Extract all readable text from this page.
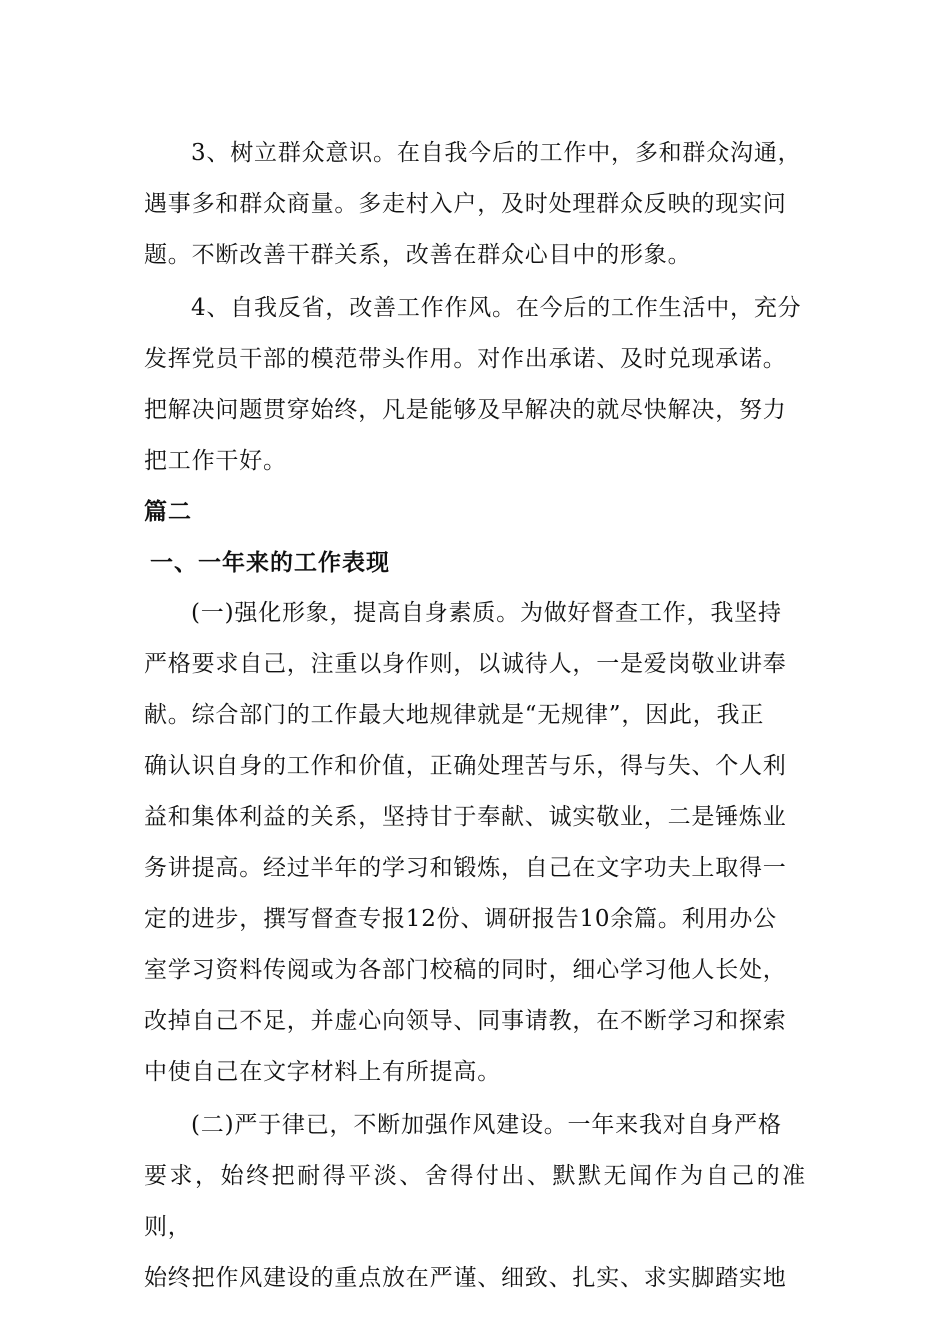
3、树立群众意识。在自我今后的工作中，多和群众沟通，
遇事多和群众商量。多走村入户，及时处理群众反映的现实问
题。不断改善干群关系，改善在群众心目中的形象。

4、自我反省，改善工作作风。在今后的工作生活中，充分
发挥党员干部的模范带头作用。对作出承诺、及时兑现承诺。
把解决问题贯穿始终，凡是能够及早解决的就尽快解决，努力
把工作干好。

篇二
一、一年来的工作表现

(一)强化形象，提高自身素质。为做好督查工作，我坚持
严格要求自己，注重以身作则，以诚待人，一是爱岗敬业讲奉
献。综合部门的工作最大地规律就是“无规律”，因此，我正
确认识自身的工作和价值，正确处理苦与乐，得与失、个人利
益和集体利益的关系，坚持甘于奉献、诚实敬业，二是锤炼业
务讲提高。经过半年的学习和锻炼，自己在文字功夫上取得一
定的进步，撰写督查专报12份、调研报告10余篇。利用办公
室学习资料传阅或为各部门校稿的同时，细心学习他人长处，
改掉自己不足，并虚心向领导、同事请教，在不断学习和探索
中使自己在文字材料上有所提高。

(二)严于律已，不断加强作风建设。一年来我对自身严格
要求，始终把耐得平淡、舍得付出、默默无闻作为自己的准则，
始终把作风建设的重点放在严谨、细致、扎实、求实脚踏实地
